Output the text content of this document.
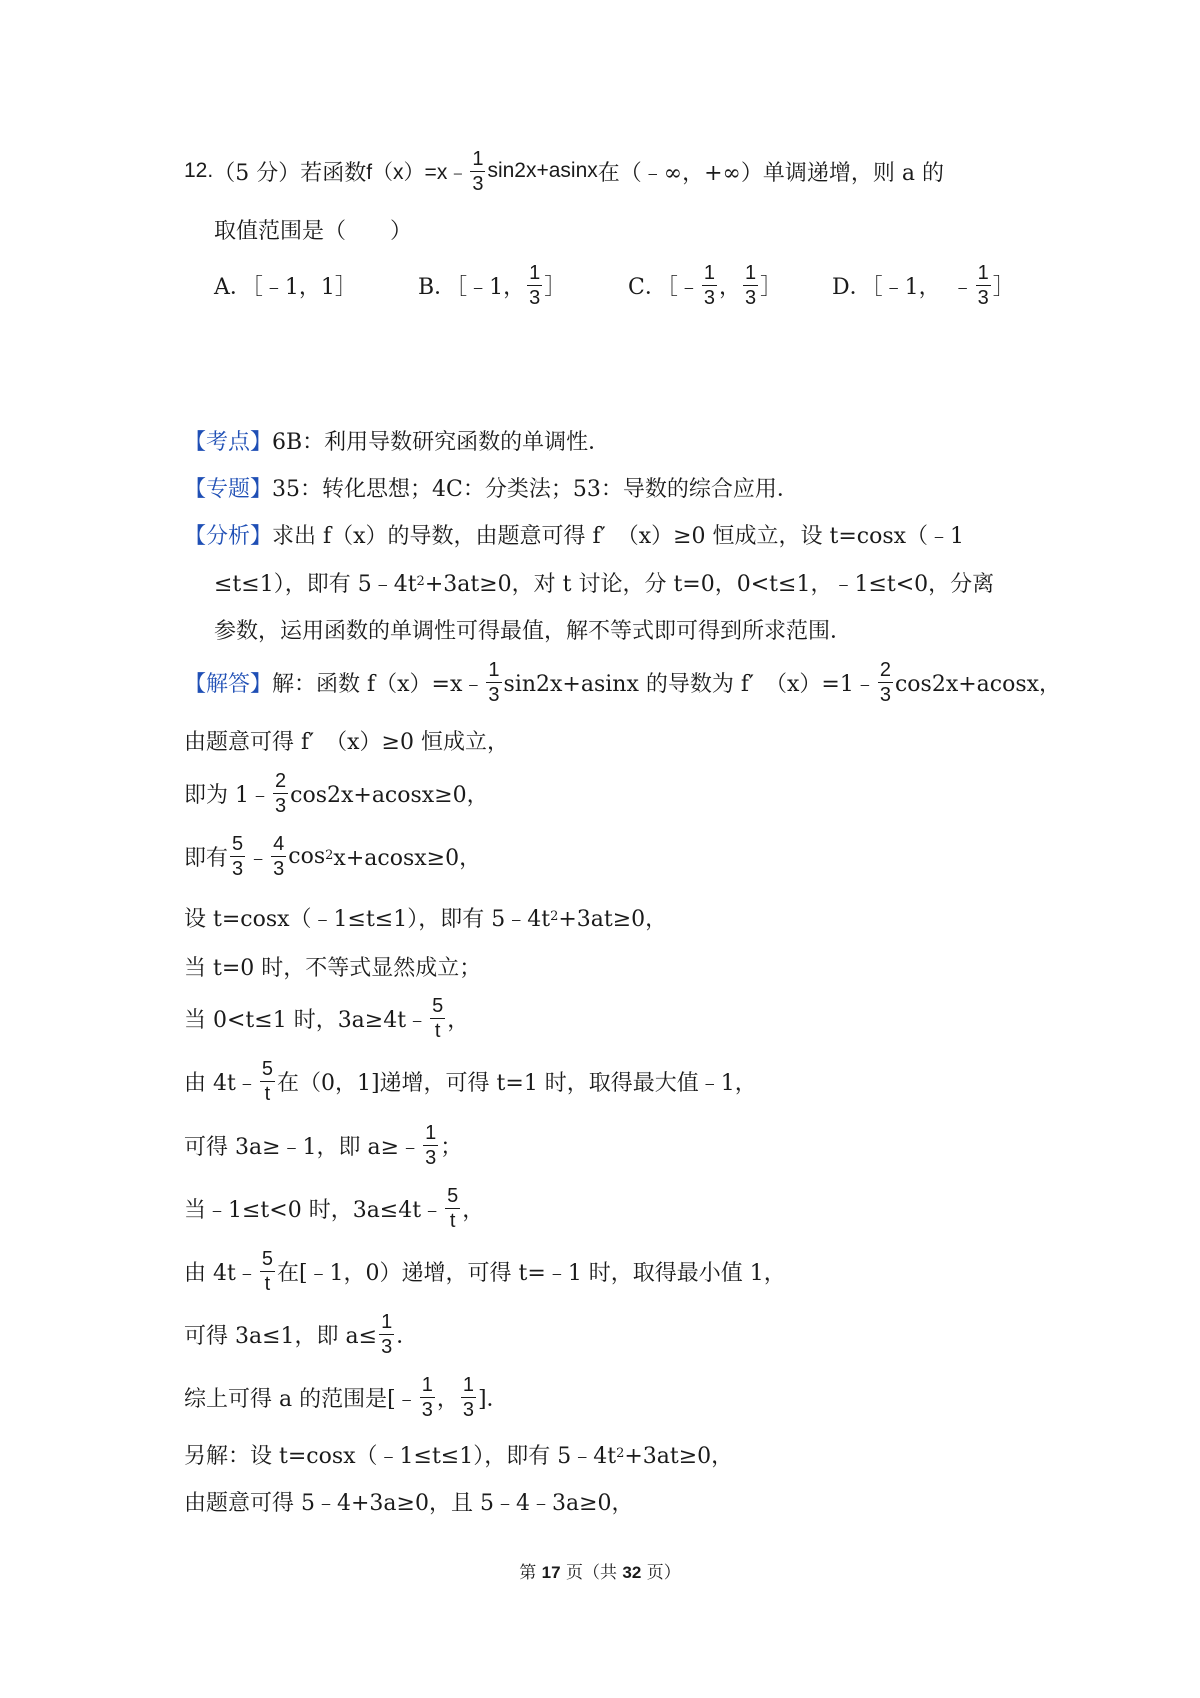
12. （5 分） 若函数 f（x）=x﹣ $\frac{1}{3} \sin 2x+asinx$ 在（﹣∞，+∞）单调递增，则 a 的
取值范围是（　　）
A．［﹣1，1］	B．［﹣1， $\frac{1}{3}$ ］	C．［﹣ $\frac{1}{3}$ ， $\frac{1}{3}$ ］ D．［﹣1，　﹣ $\frac{1}{3}$ ］
【考点】 6B：利用导数研究函数的单调性．
【专题】 35：转化思想；4C：分类法；53：导数的综合应用．
【分析】 求出 f（x）的导数，由题意可得 f′　（x）≥0 恒成立，设 t=cosx（﹣1
≤t≤1），即有 5﹣4t 2 +3at≥0，对 t 讨论，分 t=0，0<t≤1，﹣1≤t<0，分离
参数，运用函数的单调性可得最值，解不等式即可得到所求范围．
【解答】 解：函数 f（x）=x﹣ $\frac{1}{3} \sin 2x+asinx$ 的导数为 f′　（x）=1﹣ $\frac{2}{3} \cos 2x+acosx$，
由题意可得 f′　（x）≥0 恒成立，
即为 1﹣ $\frac{2}{3} \cos 2x+acosx\ge 0$，
即有 $\frac{5}{3}$ ﹣ $\frac{4}{3}$ cos 2 x+acosx≥0，
设 t=cosx（﹣1≤t≤1），即有 5﹣4t 2 +3at≥0，
当 t=0 时，不等式显然成立；
当 0<t≤1 时，3a≥4t﹣ $\frac{5}{t}$ ，
由 4t﹣ $\frac{5}{t}$ 在（0，1]递增，可得 t=1 时，取得最大值﹣1，
可得 3a≥﹣1，即 a≥﹣ $\frac{1}{3}$ ；
当﹣1≤t<0 时，3a≤4t﹣ $\frac{5}{t}$ ，
由 4t﹣ $\frac{5}{t}$ 在[﹣1，0）递增，可得 t=﹣1 时，取得最小值 1，
可得 3a≤1，即 $a\le \frac{1}{3}$ ．
综上可得 a 的范围是[﹣ $\frac{1}{3}$ ， $\frac{1}{3}$ ]．
另解：设 t=cosx（﹣1≤t≤1），即有 5﹣4t 2 +3at≥0，
由题意可得 5﹣4+3a≥0，且 5﹣4﹣3a≥0，
第 17 页（共 32 页）
